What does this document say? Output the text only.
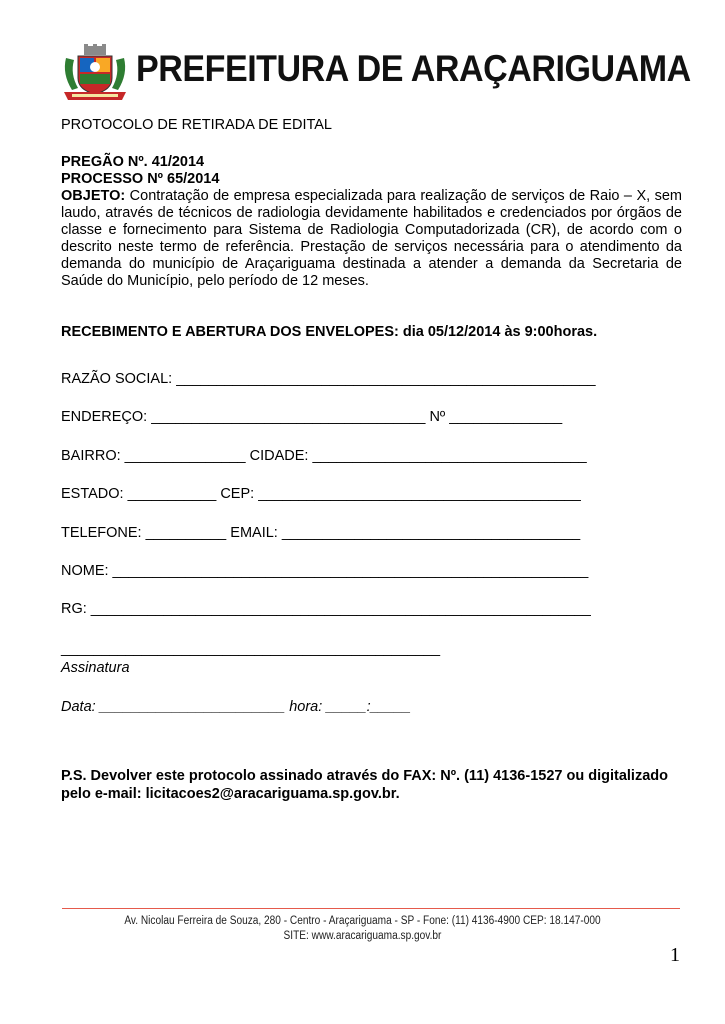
PREFEITURA DE ARAÇARIGUAMA

PROTOCOLO DE RETIRADA DE EDITAL

PREGÃO Nº. 41/2014

PROCESSO Nº 65/2014

OBJETO: Contratação de empresa especializada para realização de serviços de Raio – X, sem laudo, através de técnicos de radiologia devidamente habilitados e credenciados por órgãos de classe e fornecimento para Sistema de Radiologia Computadorizada (CR), de acordo com o descrito neste termo de referência. Prestação de serviços necessária para o atendimento da demanda do município de Araçariguama destinada a atender a demanda da Secretaria de Saúde do Município, pelo período de 12 meses.

RECEBIMENTO E ABERTURA DOS ENVELOPES: dia 05/12/2014 às 9:00horas.

RAZÃO SOCIAL: ____________________________________________________
ENDEREÇO: __________________________________ Nº ______________
BAIRRO: _______________ CIDADE: __________________________________
ESTADO: ___________ CEP: ________________________________________
TELEFONE: __________ EMAIL: _____________________________________
NOME: ___________________________________________________________
RG: ______________________________________________________________
_______________________________________________
Assinatura
Data: _______________________ hora: _____:_____
P.S. Devolver este protocolo assinado através do FAX: Nº. (11) 4136-1527 ou digitalizado
pelo e-mail: licitacoes2@aracariguama.sp.gov.br.
Av. Nicolau Ferreira de Souza, 280 - Centro - Araçariguama - SP - Fone: (11) 4136-4900 CEP: 18.147-000
SITE: www.aracariguama.sp.gov.br
1
